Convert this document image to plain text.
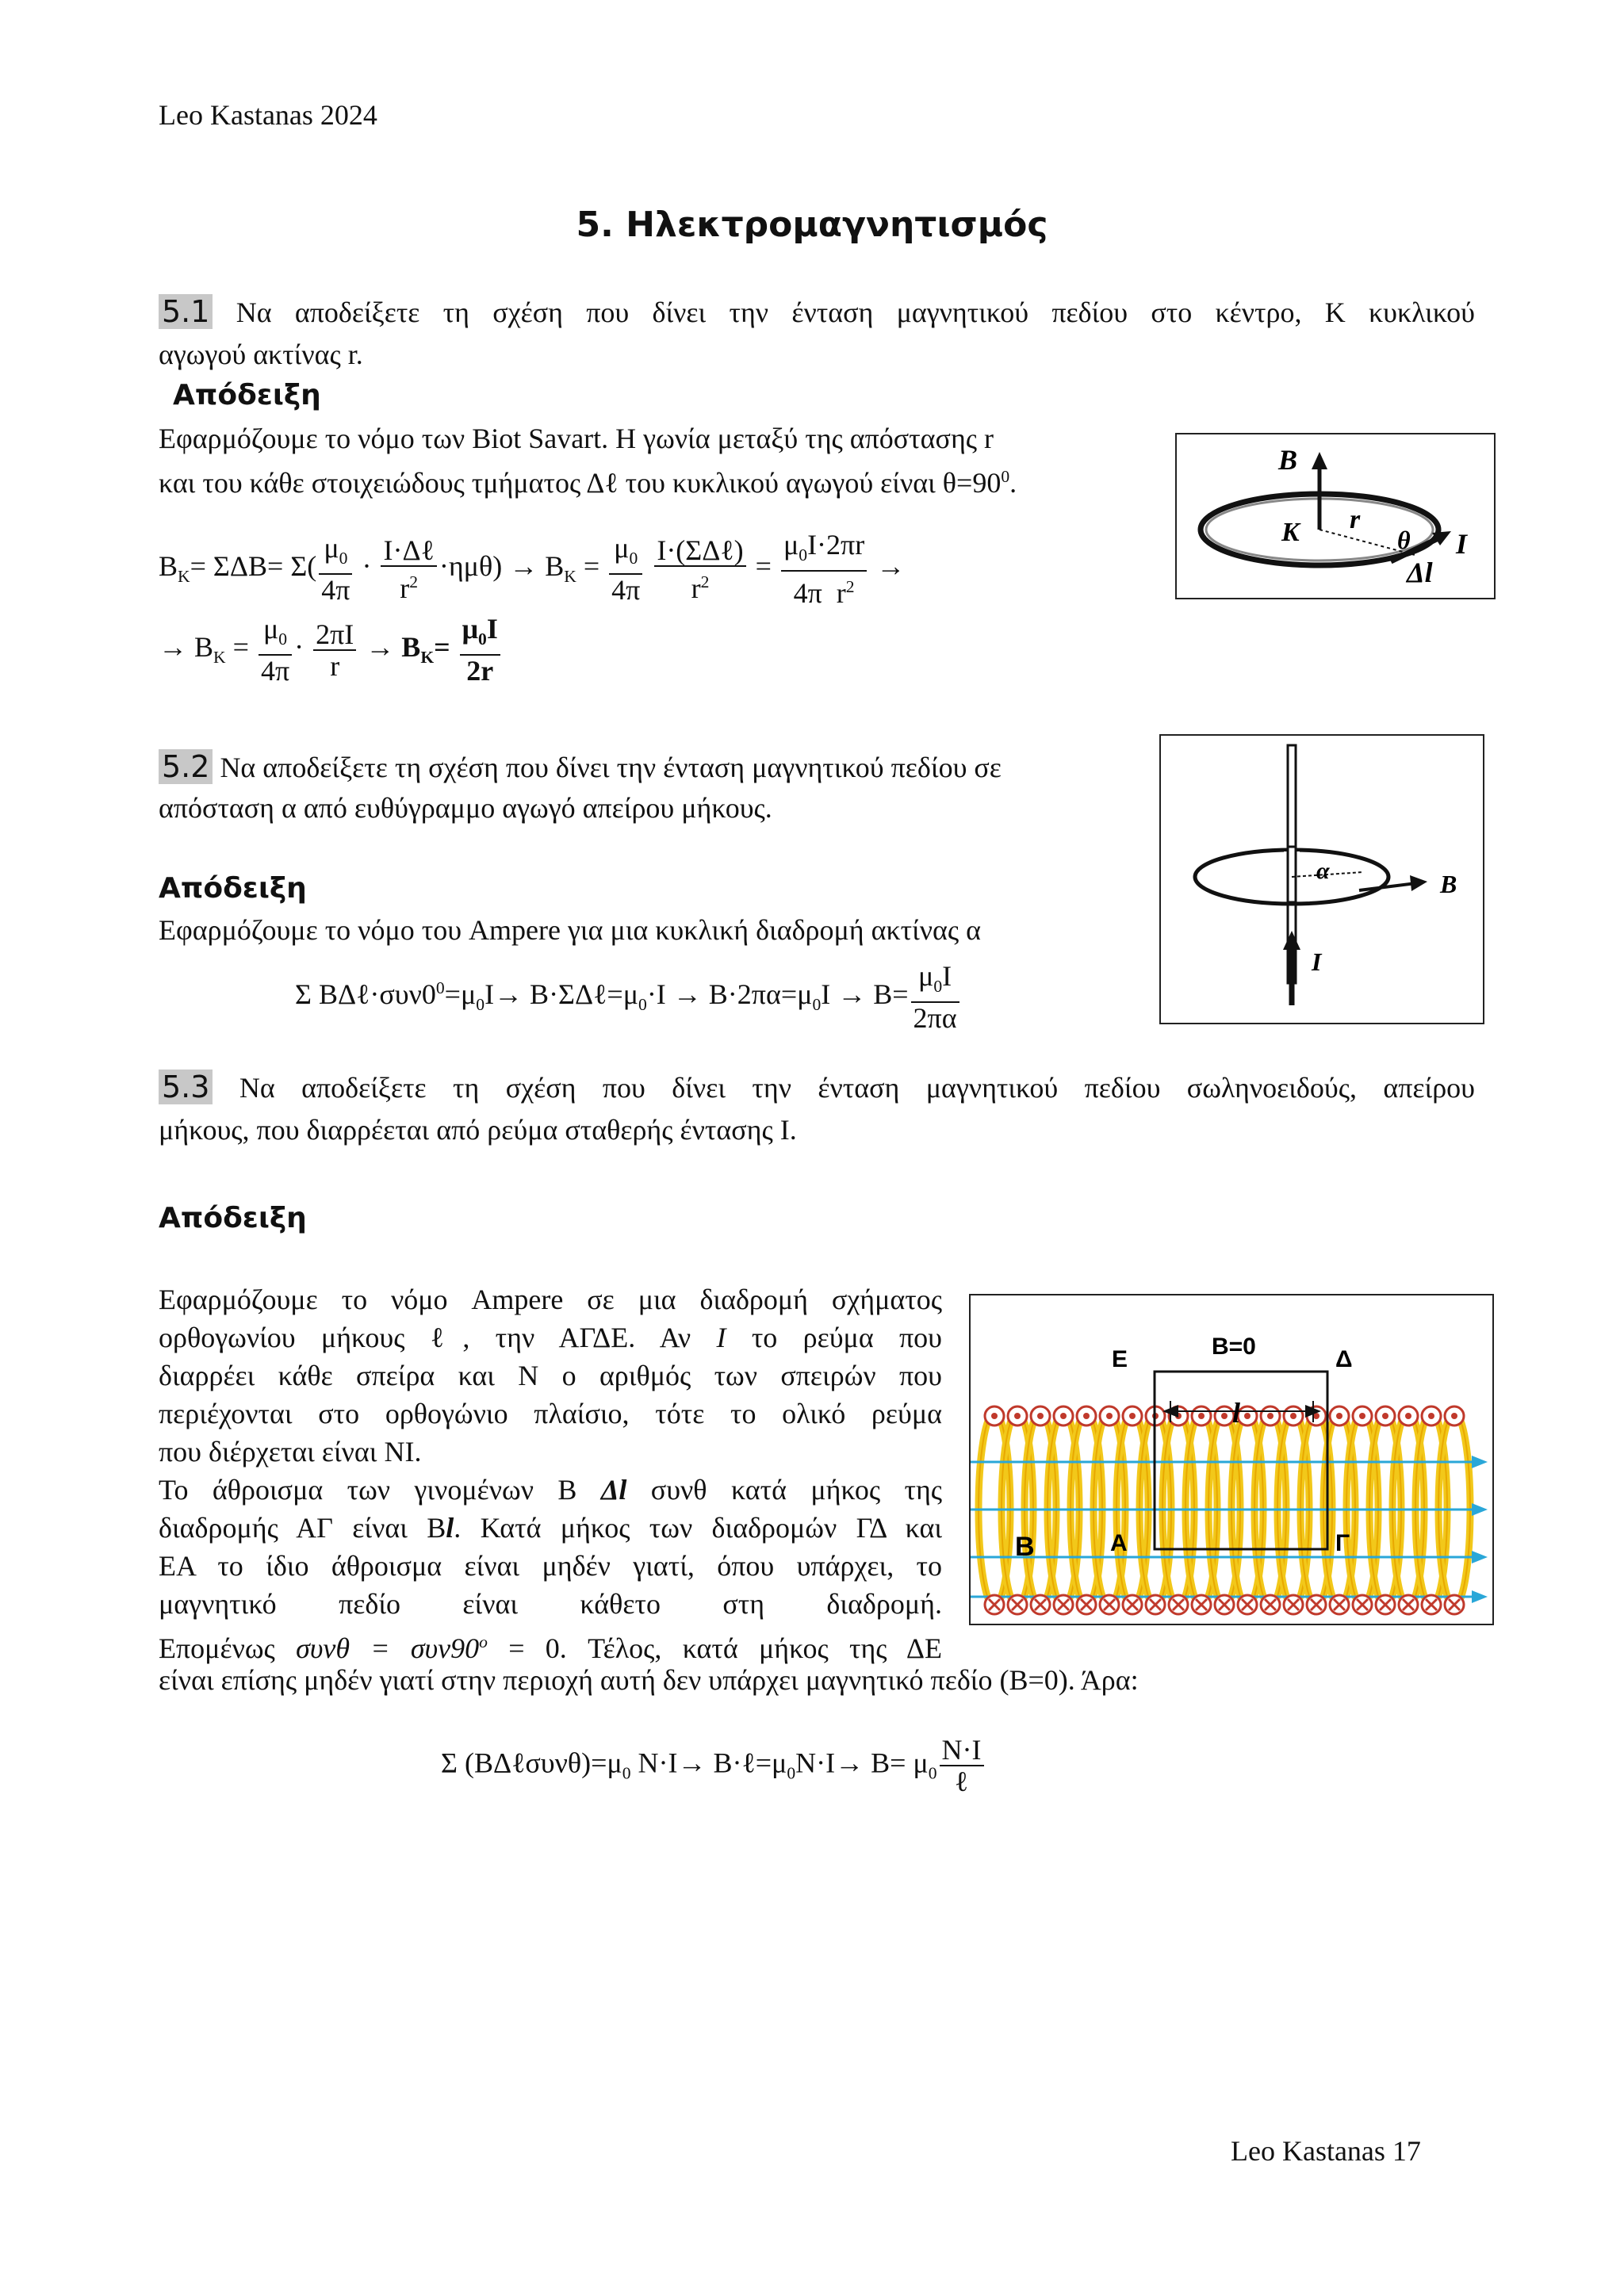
Leo Kastanas 2024
5. Ηλεκτρομαγνητισμός
5.1 Να αποδείξετε τη σχέση που δίνει την ένταση μαγνητικού πεδίου στο κέντρο, Κ κυκλικού
αγωγού ακτίνας r.
Απόδειξη
Εφαρμόζουμε το νόμο των Biot Savart. Η γωνία μεταξύ της απόστασης r
και του κάθε στοιχειώδους τμήματος Δℓ του κυκλικού αγωγού είναι $\theta=90^0$.
$B_K= \Sigma\Delta B= \Sigma( \frac{\mu_0}{4\pi} \cdot \frac{\text{I·Δℓ}}{r^2} \cdot\eta\mu\theta) \to B_K = \frac{\mu_0}{4\pi}$
$\frac{\text{I·(ΣΔℓ)}}{r^2} = \frac{\mu_0I\cdot 2\pi r}{4\pi r^2}$ →
→ $B_K = \frac{\mu_0}{4\pi} \cdot \frac{2\pi I}{r} \to B_K= \frac{\mu_0I}{2r}$
B
K r
θ I
Δl
5.2 Να αποδείξετε τη σχέση που δίνει την ένταση μαγνητικού πεδίου σε
απόσταση α από ευθύγραμμο αγωγό απείρου μήκους.
Απόδειξη
Εφαρμόζουμε το νόμο του Ampere για μια κυκλική διαδρομή ακτίνας α
Σ $B\Delta\ell\cdot\sigma\upsilon\nu 0^0=\mu_0I\to$ $B\cdot\Sigma\Delta\ell=\mu_0\cdot I \to B\cdot 2\pi\alpha=\mu_0I \to B= \frac{\mu_0I}{2\pi\alpha}$
α	B
I
5.3 Να αποδείξετε τη σχέση που δίνει την ένταση μαγνητικού πεδίου σωληνοειδούς, απείρου
μήκους, που διαρρέεται από ρεύμα σταθερής έντασης Ι.
Απόδειξη
Εφαρμόζουμε το νόμο Ampere σε μια διαδρομή σχήματος
ορθογωνίου μήκους ℓ, την ΑΓΔΕ. Αν I το ρεύμα που
διαρρέει κάθε σπείρα και Ν ο αριθμός των σπειρών που
περιέχονται στο ορθογώνιο πλαίσιο, τότε το ολικό ρεύμα
που διέρχεται είναι ΝΙ.
Το άθροισμα των γινομένων Β Δl συνθ κατά μήκος της
διαδρομής ΑΓ είναι Βl. Κατά μήκος των διαδρομών ΓΔ και
ΕΑ το ίδιο άθροισμα είναι μηδέν γιατί, όπου υπάρχει, το
μαγνητικό πεδίο είναι κάθετο στη διαδρομή.
Επομένως $\sigma\upsilon\nu\theta = \sigma\upsilon\nu 90^o = 0$. Τέλος, κατά μήκος της ΔΕ
είναι επίσης μηδέν γιατί στην περιοχή αυτή δεν υπάρχει μαγνητικό πεδίο (Β=0). Άρα:
Σ $(B\Delta\ell\sigma\upsilon\nu\theta)=\mu_0$ $N\cdot I\to B\cdot\ell=\mu_0N\cdot I\to B= \mu_0 \frac{N\cdot I}{\text{ℓ}}$
E	B=0	Δ
l
B	A	Γ
Leo Kastanas 17
